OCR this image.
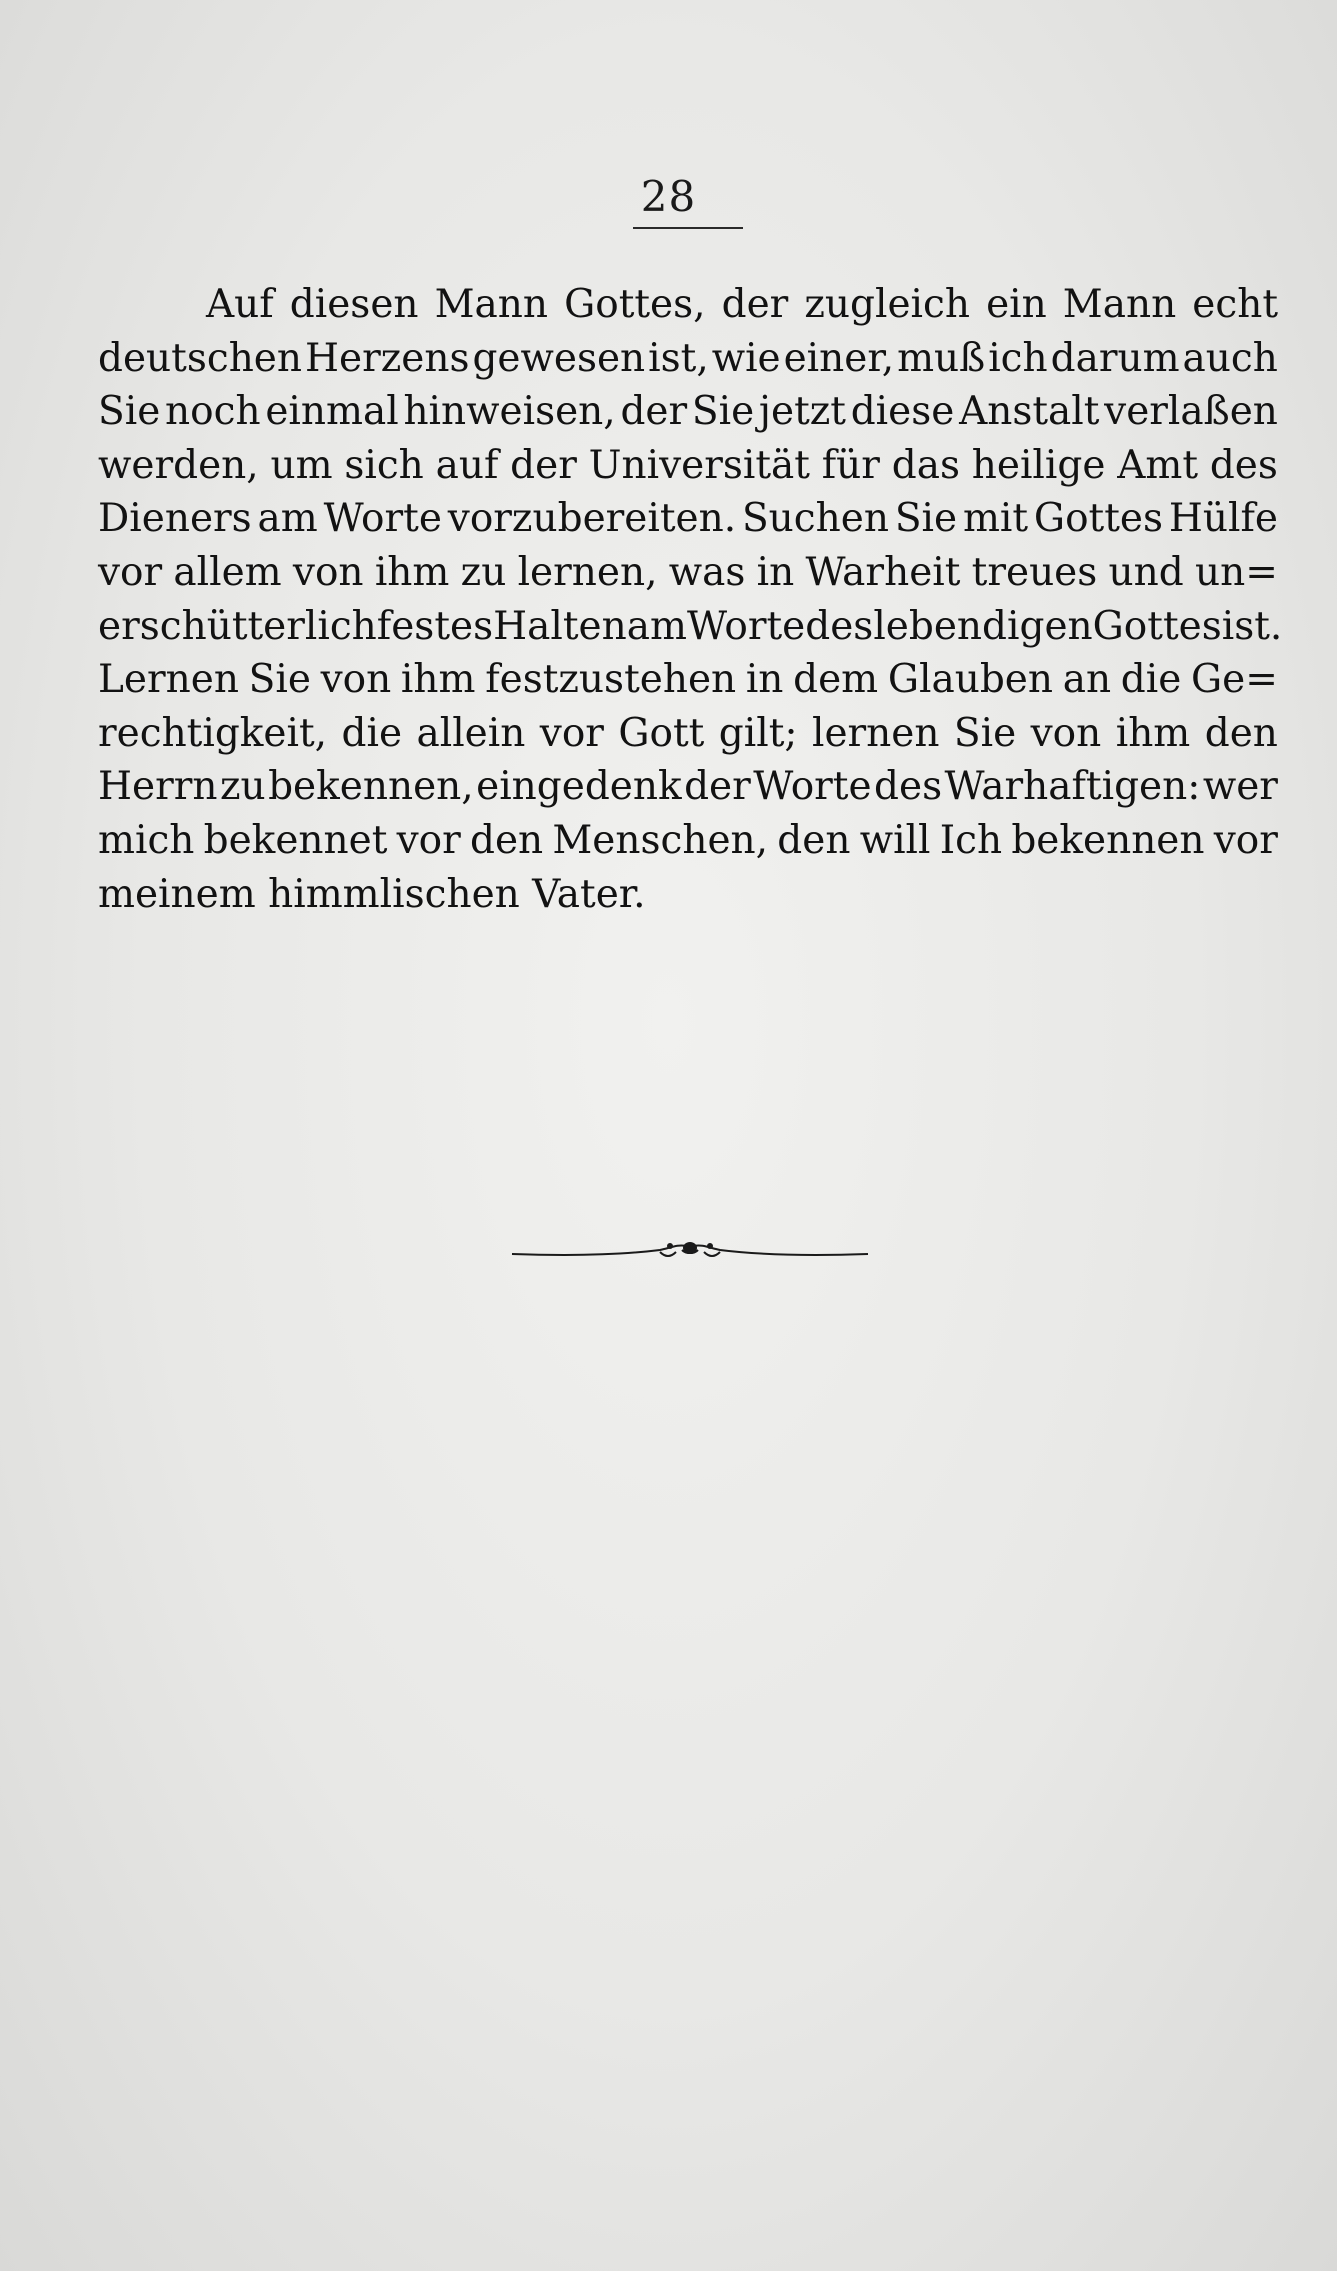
28
Auf diesen Mann Gottes, der zugleich ein Mann echt
deutschen Herzens gewesen ist, wie einer, muß ich darum auch
Sie noch einmal hinweisen, der Sie jetzt diese Anstalt verlaßen
werden, um sich auf der Universität für das heilige Amt des
Dieners am Worte vorzubereiten. Suchen Sie mit Gottes Hülfe
vor allem von ihm zu lernen, was in Warheit treues und un=
erschütterlich festes Halten am Worte des lebendigen Gottes ist.
Lernen Sie von ihm festzustehen in dem Glauben an die Ge=
rechtigkeit, die allein vor Gott gilt; lernen Sie von ihm den
Herrn zu bekennen, eingedenk der Worte des Warhaftigen: wer
mich bekennet vor den Menschen, den will Ich bekennen vor
meinem himmlischen Vater.
